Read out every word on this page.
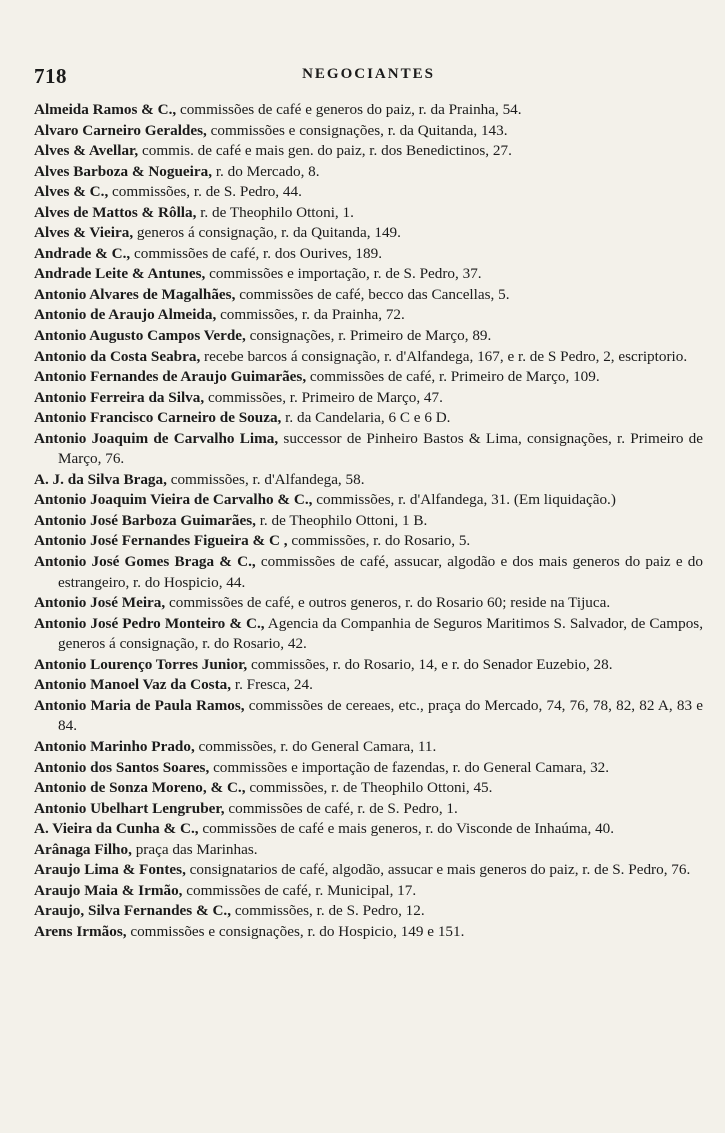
718	NEGOCIANTES
Almeida Ramos & C., commissões de café e generos do paiz, r. da Prainha, 54.
Alvaro Carneiro Geraldes, commissões e consignações, r. da Quitanda, 143.
Alves & Avellar, commis. de café e mais gen. do paiz, r. dos Benedictinos, 27.
Alves Barboza & Nogueira, r. do Mercado, 8.
Alves & C., commissões, r. de S. Pedro, 44.
Alves de Mattos & Rôlla, r. de Theophilo Ottoni, 1.
Alves & Vieira, generos á consignação, r. da Quitanda, 149.
Andrade & C., commissões de café, r. dos Ourives, 189.
Andrade Leite & Antunes, commissões e importação, r. de S. Pedro, 37.
Antonio Alvares de Magalhães, commissões de café, becco das Cancellas, 5.
Antonio de Araujo Almeida, commissões, r. da Prainha, 72.
Antonio Augusto Campos Verde, consignações, r. Primeiro de Março, 89.
Antonio da Costa Seabra, recebe barcos á consignação, r. d'Alfandega, 167, e r. de S Pedro, 2, escriptorio.
Antonio Fernandes de Araujo Guimarães, commissões de café, r. Primeiro de Março, 109.
Antonio Ferreira da Silva, commissões, r. Primeiro de Março, 47.
Antonio Francisco Carneiro de Souza, r. da Candelaria, 6 C e 6 D.
Antonio Joaquim de Carvalho Lima, successor de Pinheiro Bastos & Lima, consignações, r. Primeiro de Março, 76.
A. J. da Silva Braga, commissões, r. d'Alfandega, 58.
Antonio Joaquim Vieira de Carvalho & C., commissões, r. d'Alfandega, 31. (Em liquidação.)
Antonio José Barboza Guimarães, r. de Theophilo Ottoni, 1 B.
Antonio José Fernandes Figueira & C , commissões, r. do Rosario, 5.
Antonio José Gomes Braga & C., commissões de café, assucar, algodão e dos mais generos do paiz e do estrangeiro, r. do Hospicio, 44.
Antonio José Meira, commissões de café, e outros generos, r. do Rosario 60; reside na Tijuca.
Antonio José Pedro Monteiro & C., Agencia da Companhia de Seguros Maritimos S. Salvador, de Campos, generos á consignação, r. do Rosario, 42.
Antonio Lourenço Torres Junior, commissões, r. do Rosario, 14, e r. do Senador Euzebio, 28.
Antonio Manoel Vaz da Costa, r. Fresca, 24.
Antonio Maria de Paula Ramos, commissões de cereaes, etc., praça do Mercado, 74, 76, 78, 82, 82 A, 83 e 84.
Antonio Marinho Prado, commissões, r. do General Camara, 11.
Antonio dos Santos Soares, commissões e importação de fazendas, r. do General Camara, 32.
Antonio de Sonza Moreno, & C., commissões, r. de Theophilo Ottoni, 45.
Antonio Ubelhart Lengruber, commissões de café, r. de S. Pedro, 1.
A. Vieira da Cunha & C., commissões de café e mais generos, r. do Visconde de Inhaúma, 40.
Arânaga Filho, praça das Marinhas.
Araujo Lima & Fontes, consignatarios de café, algodão, assucar e mais generos do paiz, r. de S. Pedro, 76.
Araujo Maia & Irmão, commissões de café, r. Municipal, 17.
Araujo, Silva Fernandes & C., commissões, r. de S. Pedro, 12.
Arens Irmãos, commissões e consignações, r. do Hospicio, 149 e 151.
